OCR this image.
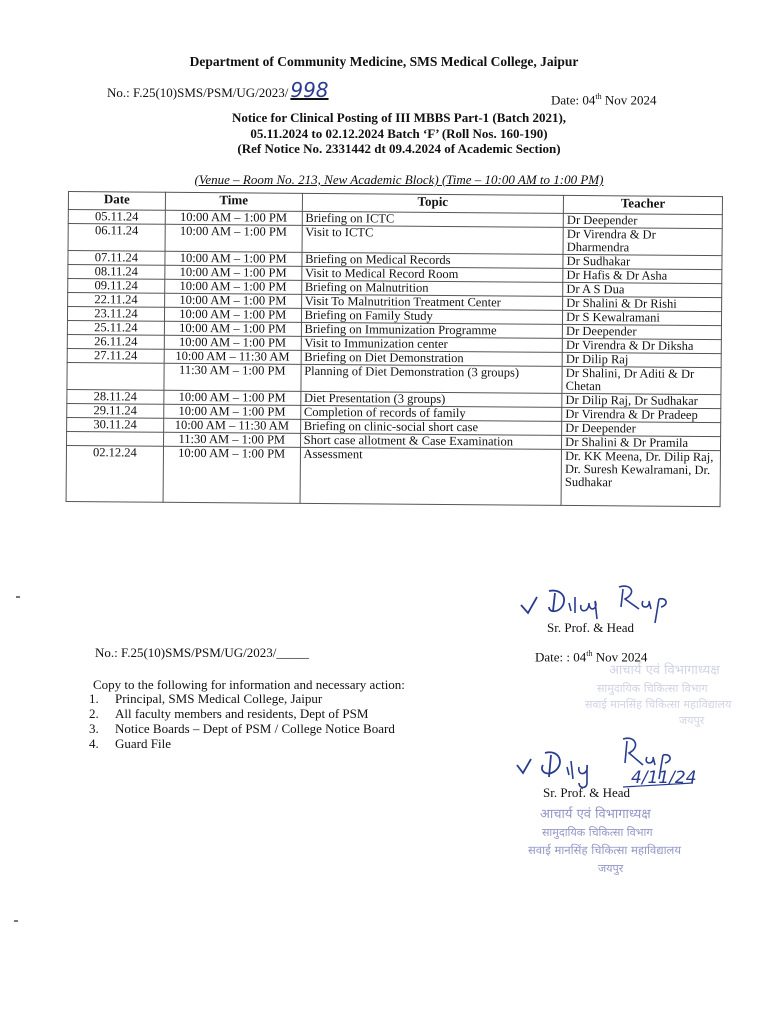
Department of Community Medicine, SMS Medical College, Jaipur
No.: F.25(10)SMS/PSM/UG/2023/ 998	Date: 04th Nov 2024
Notice for Clinical Posting of III MBBS Part-1 (Batch 2021),
05.11.2024 to 02.12.2024 Batch ‘F’ (Roll Nos. 160-190)
(Ref Notice No. 2331442 dt 09.4.2024 of Academic Section)
(Venue – Room No. 213, New Academic Block) (Time – 10:00 AM to 1:00 PM)
Date	Time	Topic	Teacher
05.11.24	10:00 AM – 1:00 PM	Briefing on ICTC	Dr Deepender
06.11.24	10:00 AM – 1:00 PM	Visit to ICTC	Dr Virendra & Dr Dharmendra
07.11.24	10:00 AM – 1:00 PM	Briefing on Medical Records	Dr Sudhakar
08.11.24	10:00 AM – 1:00 PM	Visit to Medical Record Room	Dr Hafis & Dr Asha
09.11.24	10:00 AM – 1:00 PM	Briefing on Malnutrition	Dr A S Dua
22.11.24	10:00 AM – 1:00 PM	Visit To Malnutrition Treatment Center	Dr Shalini & Dr Rishi
23.11.24	10:00 AM – 1:00 PM	Briefing on Family Study	Dr S Kewalramani
25.11.24	10:00 AM – 1:00 PM	Briefing on Immunization Programme	Dr Deepender
26.11.24	10:00 AM – 1:00 PM	Visit to Immunization center	Dr Virendra & Dr Diksha
27.11.24	10:00 AM – 11:30 AM	Briefing on Diet Demonstration	Dr Dilip Raj
	11:30 AM – 1:00 PM	Planning of Diet Demonstration (3 groups)	Dr Shalini, Dr Aditi & Dr Chetan
28.11.24	10:00 AM – 1:00 PM	Diet Presentation (3 groups)	Dr Dilip Raj, Dr Sudhakar
29.11.24	10:00 AM – 1:00 PM	Completion of records of family	Dr Virendra & Dr Pradeep
30.11.24	10:00 AM – 11:30 AM	Briefing on clinic-social short case	Dr Deepender
	11:30 AM – 1:00 PM	Short case allotment & Case Examination	Dr Shalini & Dr Pramila
02.12.24	10:00 AM – 1:00 PM	Assessment	Dr. KK Meena, Dr. Dilip Raj, Dr. Suresh Kewalramani, Dr. Sudhakar
Sr. Prof. & Head
No.: F.25(10)SMS/PSM/UG/2023/_____	Date: : 04th Nov 2024
Copy to the following for information and necessary action:
1. Principal, SMS Medical College, Jaipur
2. All faculty members and residents, Dept of PSM
3. Notice Boards – Dept of PSM / College Notice Board
4. Guard File
आचार्य एवं विभागाध्यक्ष
सामुदायिक चिकित्सा विभाग
सवाई मानसिंह चिकित्सा महाविद्यालय
जयपुर
4/11/24
Sr. Prof. & Head
आचार्य एवं विभागाध्यक्ष
सामुदायिक चिकित्सा विभाग
सवाई मानसिंह चिकित्सा महाविद्यालय
जयपुर
